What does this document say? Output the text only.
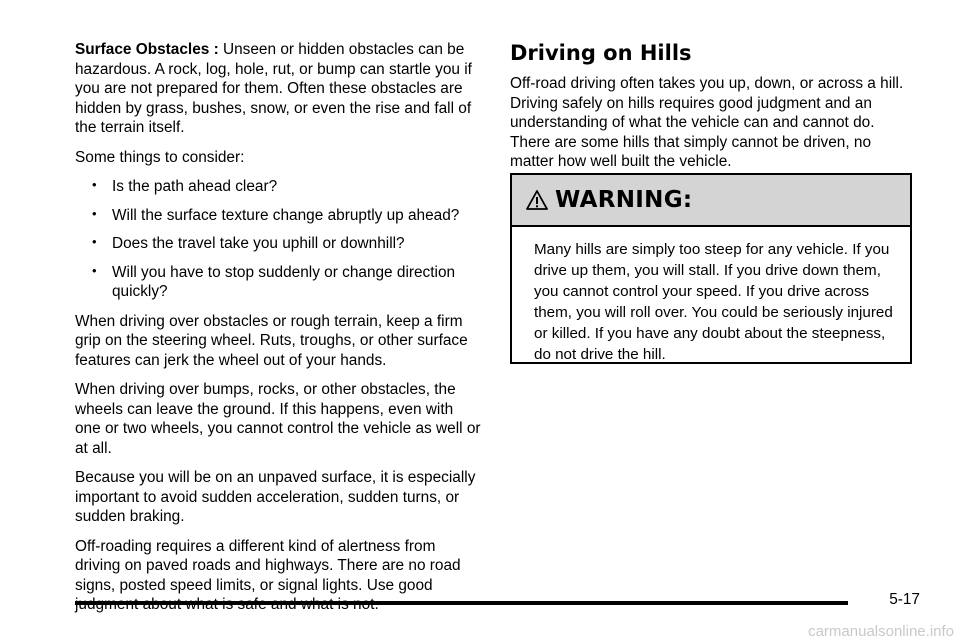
Surface Obstacles : Unseen or hidden obstacles can be hazardous. A rock, log, hole, rut, or bump can startle you if you are not prepared for them. Often these obstacles are hidden by grass, bushes, snow, or even the rise and fall of the terrain itself.

Some things to consider:

• Is the path ahead clear?
• Will the surface texture change abruptly up ahead?
• Does the travel take you uphill or downhill?
• Will you have to stop suddenly or change direction quickly?

When driving over obstacles or rough terrain, keep a firm grip on the steering wheel. Ruts, troughs, or other surface features can jerk the wheel out of your hands.

When driving over bumps, rocks, or other obstacles, the wheels can leave the ground. If this happens, even with one or two wheels, you cannot control the vehicle as well or at all.

Because you will be on an unpaved surface, it is especially important to avoid sudden acceleration, sudden turns, or sudden braking.

Off-roading requires a different kind of alertness from driving on paved roads and highways. There are no road signs, posted speed limits, or signal lights. Use good

Driving on Hills

Off-road driving often takes you up, down, or across a hill. Driving safely on hills requires good judgment and an understanding of what the vehicle can and cannot do. There are some hills that simply cannot be driven, no matter how well built the vehicle.

WARNING:
Many hills are simply too steep for any vehicle. If you drive up them, you will stall. If you drive down them, you cannot control your speed. If you drive across them, you will roll over. You could be seriously injured or killed. If you have any doubt about the steepness, do not drive the hill.
5-17
carmanualsonline.info
